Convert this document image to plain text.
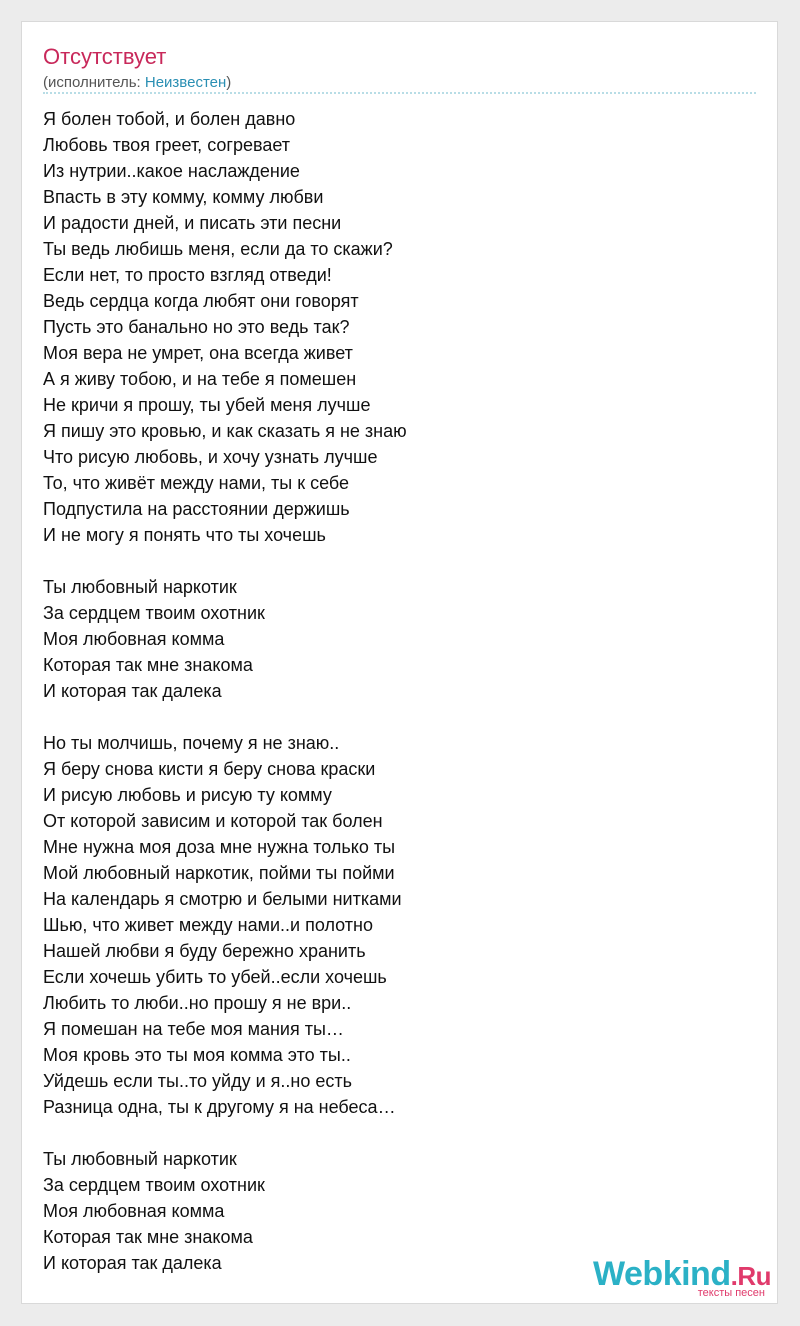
Отсутствует
(исполнитель: Неизвестен)
Я болен тобой, и болен давно
Любовь твоя греет, согревает
Из нутрии..какое наслаждение
Впасть в эту комму, комму любви
И радости дней, и писать эти песни
Ты ведь любишь меня, если да то скажи?
Если нет, то просто взгляд отведи!
Ведь сердца когда любят они говорят
Пусть это банально но это ведь так?
Моя вера не умрет, она всегда живет
А я живу тобою, и на тебе я помешен
Не кричи я прошу, ты убей меня лучше
Я пишу это кровью, и как сказать я не знаю
Что рисую любовь, и хочу узнать лучше
То, что живёт между нами, ты к себе
Подпустила на расстоянии держишь
И не могу я понять что ты хочешь
Ты любовный наркотик
За сердцем твоим охотник
Моя любовная комма
Которая так мне знакома
И которая так далека
Но ты молчишь, почему я не знаю..
Я беру снова кисти я беру снова краски
И рисую любовь и рисую ту комму
От которой зависим и которой так болен
Мне нужна моя доза мне нужна только ты
Мой любовный наркотик, пойми ты пойми
На календарь я смотрю и белыми нитками
Шью, что живет между нами..и полотно
Нашей любви я буду бережно хранить
Если хочешь убить то убей..если хочешь
Любить то люби..но прошу я не ври..
Я помешан на тебе моя мания ты…
Моя кровь это ты моя комма это ты..
Уйдешь если ты..то уйду и я..но есть
Разница одна, ты к другому я на небеса…
Ты любовный наркотик
За сердцем твоим охотник
Моя любовная комма
Которая так мне знакома
И которая так далека	Webkind.Ru
тексты песен
